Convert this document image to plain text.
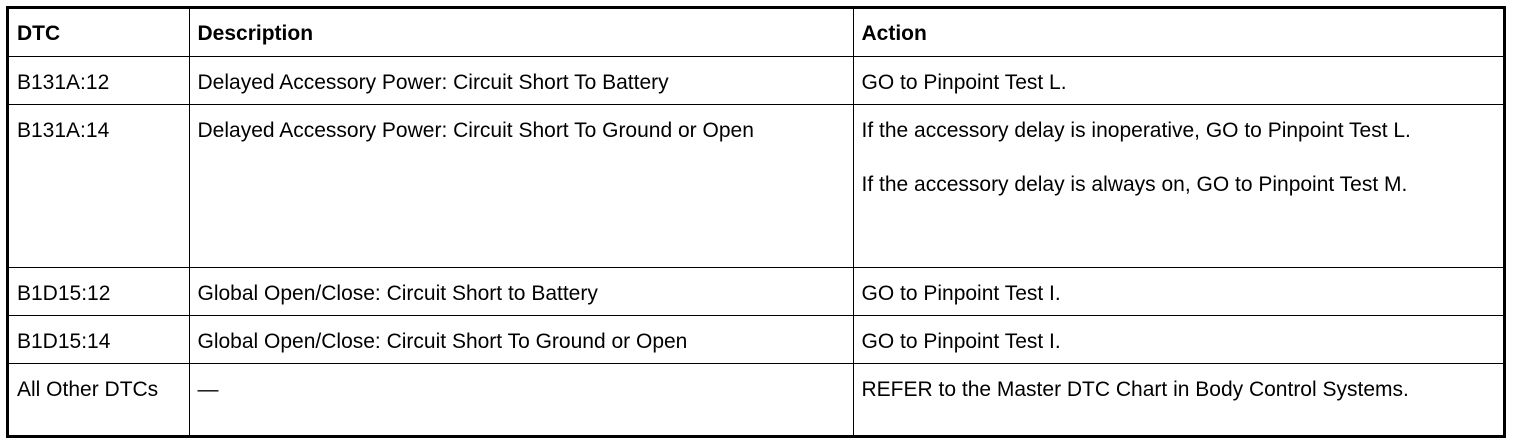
DTC	Description	Action
B131A:12	Delayed Accessory Power: Circuit Short To Battery	GO to Pinpoint Test L.

B131A:14	Delayed Accessory Power: Circuit Short To Ground or Open	If the accessory delay is inoperative, GO to Pinpoint Test L.

If the accessory delay is always on, GO to Pinpoint Test M.

B1D15:12	Global Open/Close: Circuit Short to Battery	GO to Pinpoint Test I.

B1D15:14	Global Open/Close: Circuit Short To Ground or Open	GO to Pinpoint Test I.

All Other DTCs	—	REFER to the Master DTC Chart in Body Control Systems.
